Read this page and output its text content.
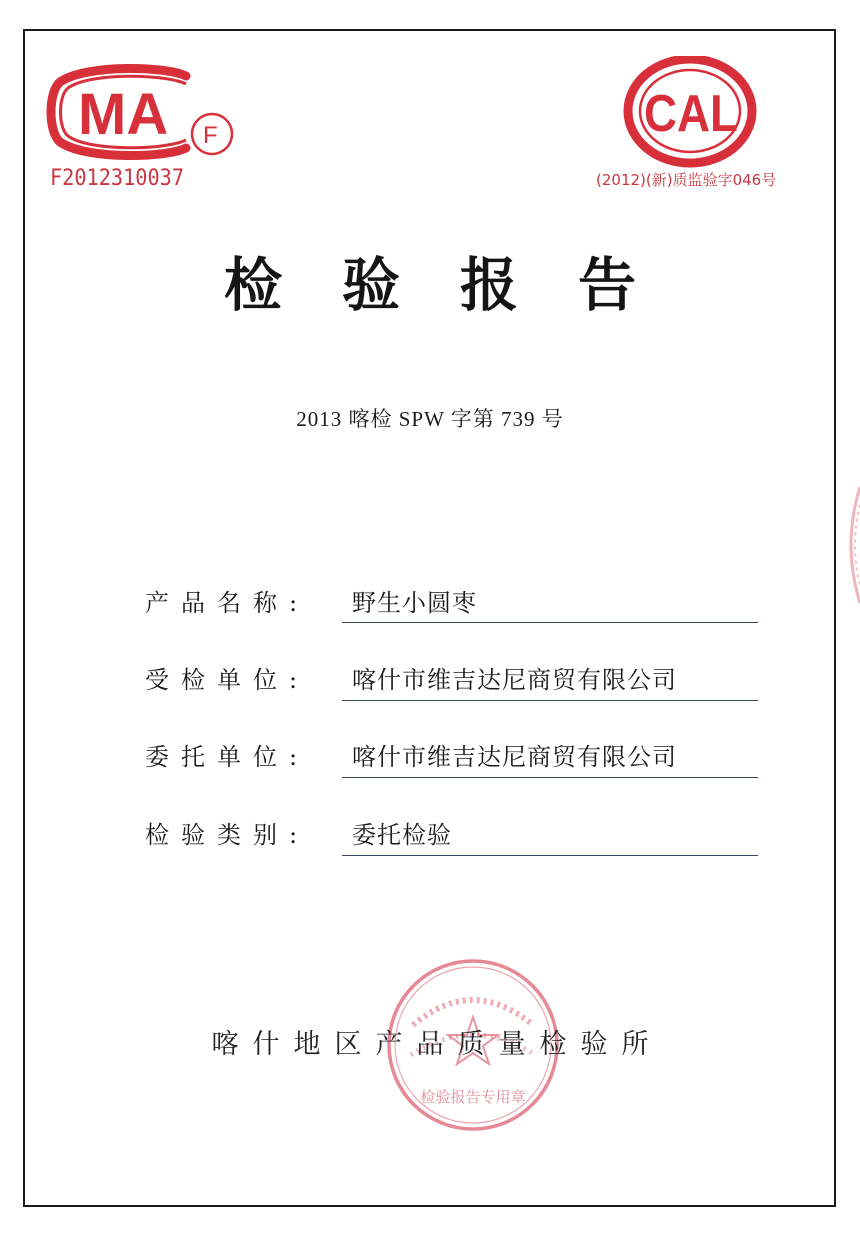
MA F
F2012310037
CAL
(2012)(新)质监验字046号
检验报告
2013 喀检 SPW 字第 739 号
产品名称: 野生小圆枣
受检单位: 喀什市维吉达尼商贸有限公司
委托单位: 喀什市维吉达尼商贸有限公司
检验类别: 委托检验
检验报告专用章
喀什地区产品质量检验所
